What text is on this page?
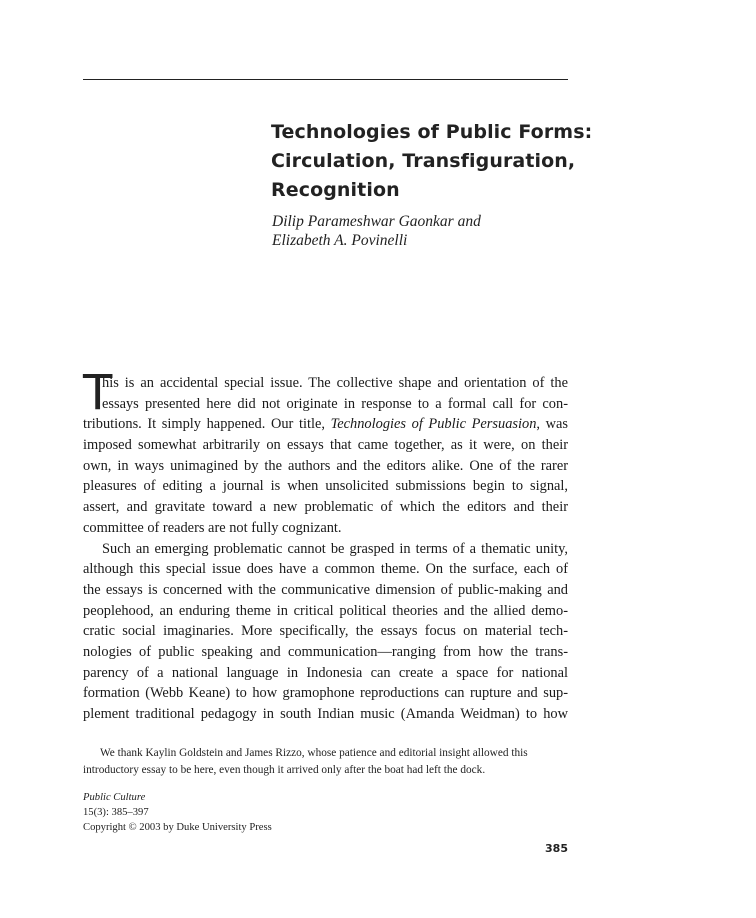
Technologies of Public Forms:
Circulation, Transfiguration,
Recognition
Dilip Parameshwar Gaonkar and
Elizabeth A. Povinelli
T
his is an accidental special issue. The collective shape and orientation of the
essays presented here did not originate in response to a formal call for con-
tributions. It simply happened. Our title, Technologies of Public Persuasion, was
imposed somewhat arbitrarily on essays that came together, as it were, on their
own, in ways unimagined by the authors and the editors alike. One of the rarer
pleasures of editing a journal is when unsolicited submissions begin to signal,
assert, and gravitate toward a new problematic of which the editors and their
committee of readers are not fully cognizant.
Such an emerging problematic cannot be grasped in terms of a thematic unity,
although this special issue does have a common theme. On the surface, each of
the essays is concerned with the communicative dimension of public-making and
peoplehood, an enduring theme in critical political theories and the allied demo-
cratic social imaginaries. More specifically, the essays focus on material tech-
nologies of public speaking and communication—ranging from how the trans-
parency of a national language in Indonesia can create a space for national
formation (Webb Keane) to how gramophone reproductions can rupture and sup-
plement traditional pedagogy in south Indian music (Amanda Weidman) to how
We thank Kaylin Goldstein and James Rizzo, whose patience and editorial insight allowed this
introductory essay to be here, even though it arrived only after the boat had left the dock.
Public Culture
15(3): 385–397
Copyright © 2003 by Duke University Press
385
